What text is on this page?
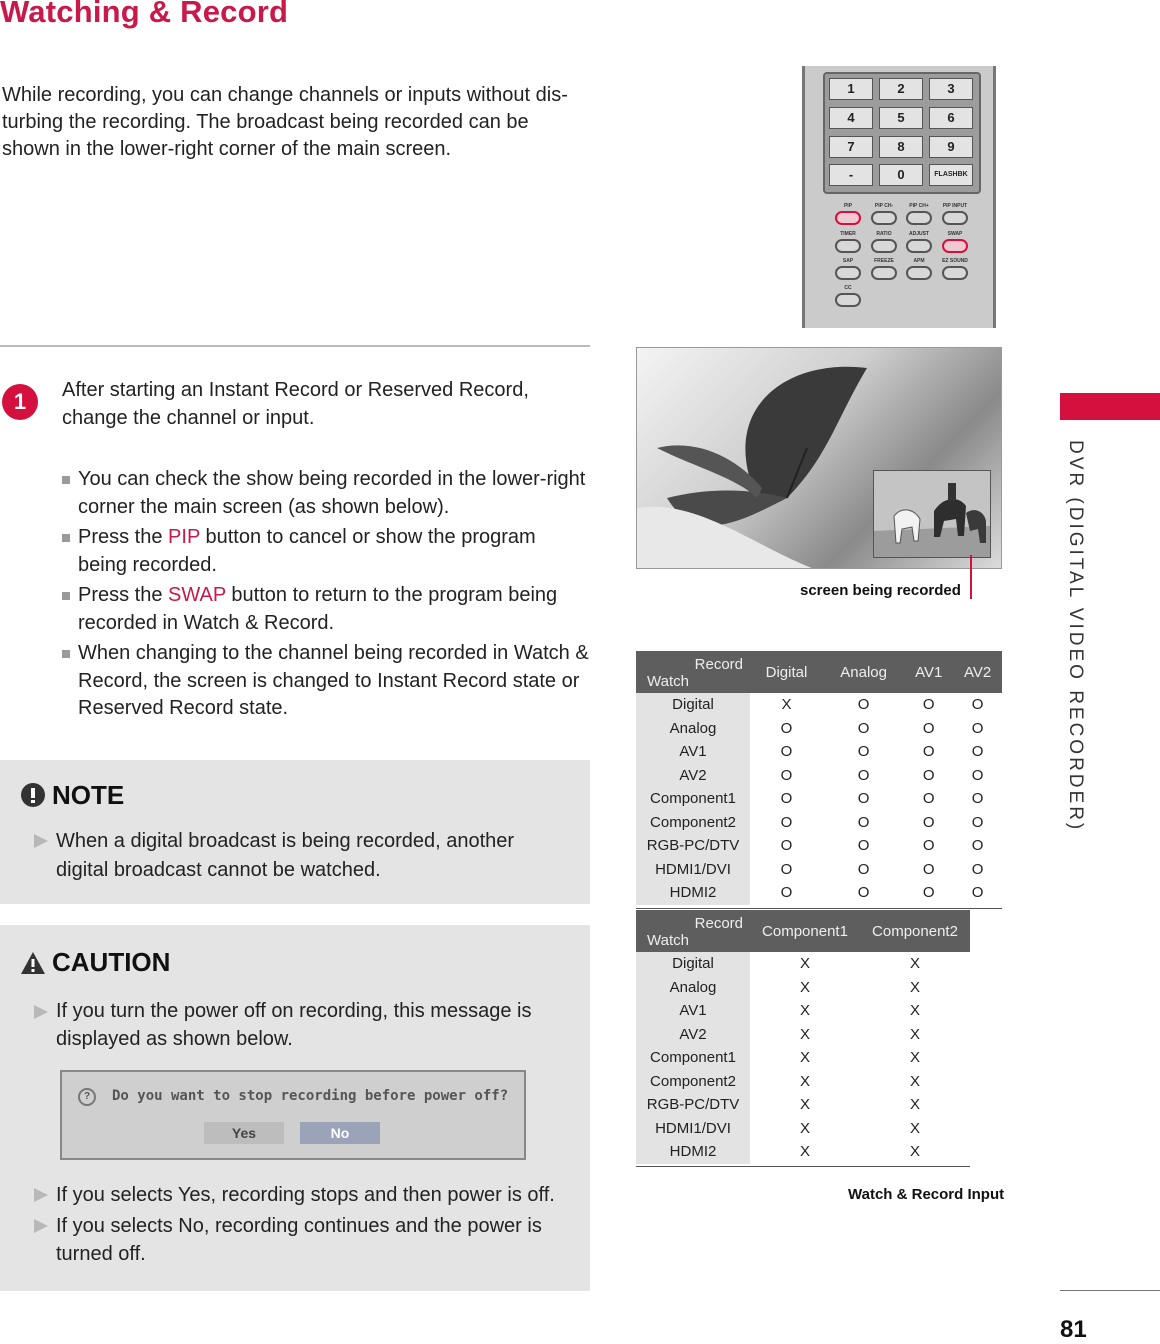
Watching & Record
While recording, you can change channels or inputs without dis-
turbing the recording. The broadcast being recorded can be
shown in the lower-right corner of the main screen.
1	After starting an Instant Record or Reserved Record,
change the channel or input.
You can check the show being recorded in the lower-right corner the main screen (as shown below).
Press the PIP button to cancel or show the program being recorded.
Press the SWAP button to return to the program being recorded in Watch & Record.
When changing to the channel being recorded in Watch & Record, the screen is changed to Instant Record state or Reserved Record state.
NOTE
When a digital broadcast is being recorded, another digital broadcast cannot be watched.
CAUTION
If you turn the power off on recording, this message is displayed as shown below.
If you selects Yes, recording stops and then power is off.
If you selects No, recording continues and the power is turned off.
?	Do you want to stop recording before power off?
Yes	No
1	2	3
4	5	6
7	8	9
-	0	FLASHBK
PIP	PIP CH-	PIP CH+	PIP INPUT
TIMER	RATIO	ADJUST	SWAP
SAP	FREEZE	APM	EZ SOUND
CC
screen being recorded
Record
Watch	Digital	Analog	AV1	AV2
Digital	X	O	O	O
Analog	O	O	O	O
AV1	O	O	O	O
AV2	O	O	O	O
Component1	O	O	O	O
Component2	O	O	O	O
RGB-PC/DTV	O	O	O	O
HDMI1/DVI	O	O	O	O
HDMI2	O	O	O	O
Record
Watch	Component1	Component2
Digital	X	X
Analog	X	X
AV1	X	X
AV2	X	X
Component1	X	X
Component2	X	X
RGB-PC/DTV	X	X
HDMI1/DVI	X	X
HDMI2	X	X
Watch & Record Input
DVR (DIGITAL VIDEO RECORDER)
81
